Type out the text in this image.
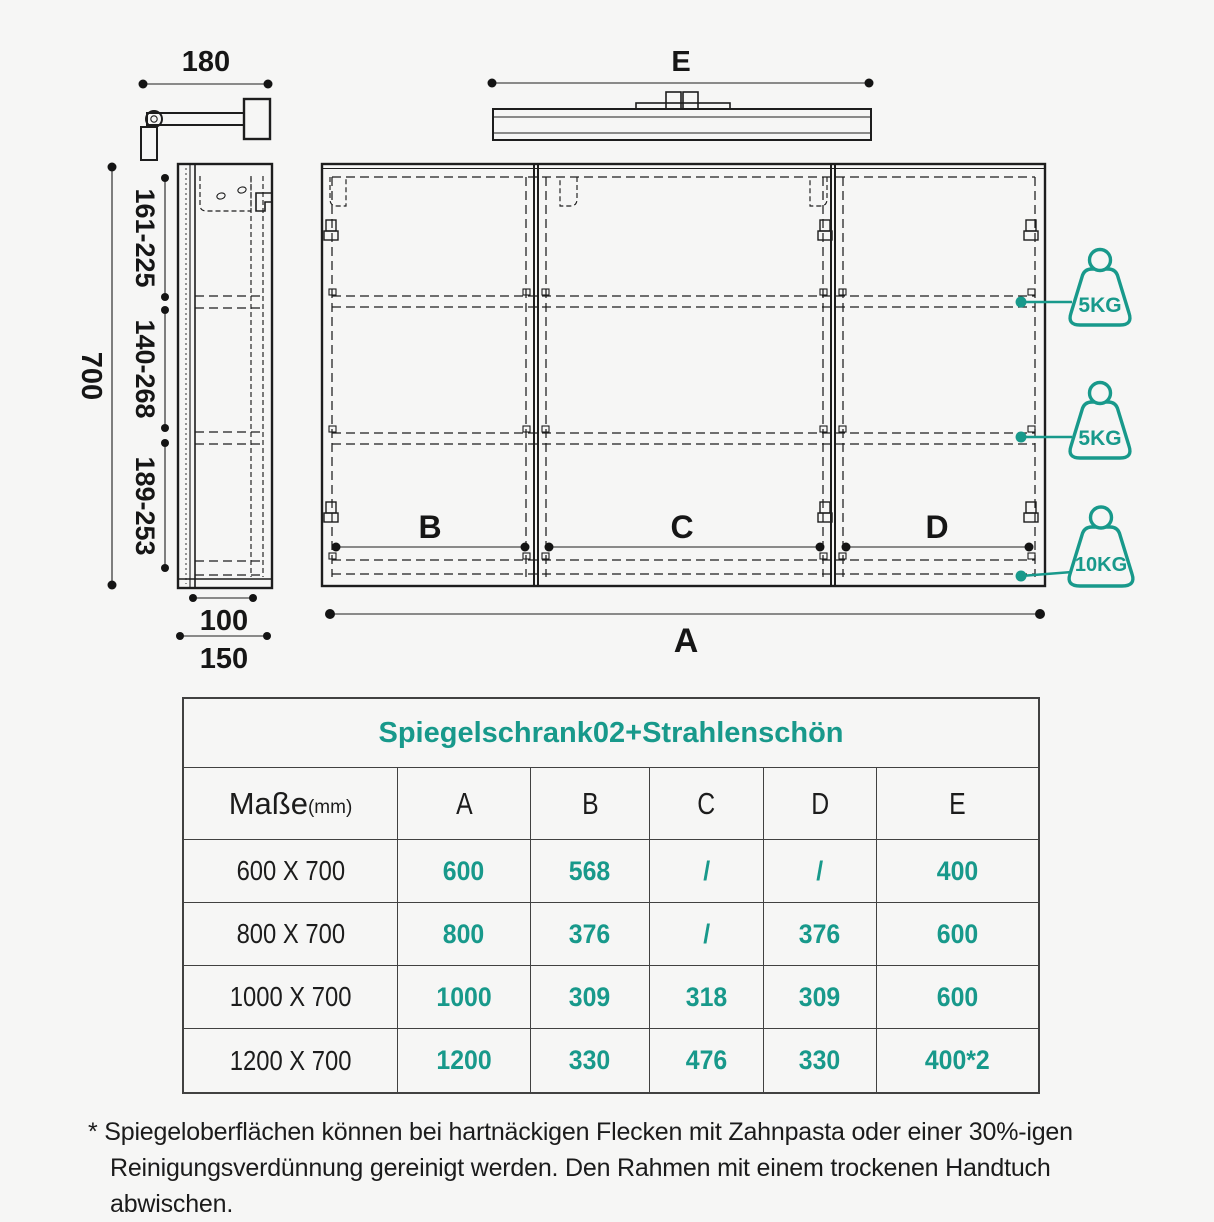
180	E
700
161-225
140-268
189-253
100
150
B	C	D
A
5KG
5KG
10KG
Spiegelschrank02+Strahlenschön
Maße (mm)	A	B	C	D	E
600 X 700	600	568	/	/	400
800 X 700	800	376	/	376	600
1000 X 700	1000	309	318	309	600
1200 X 700	1200	330	476	330	400*2
* Spiegeloberflächen können bei hartnäckigen Flecken mit Zahnpasta oder einer 30%-igen
Reinigungsverdünnung gereinigt werden. Den Rahmen mit einem trockenen Handtuch abwischen.
